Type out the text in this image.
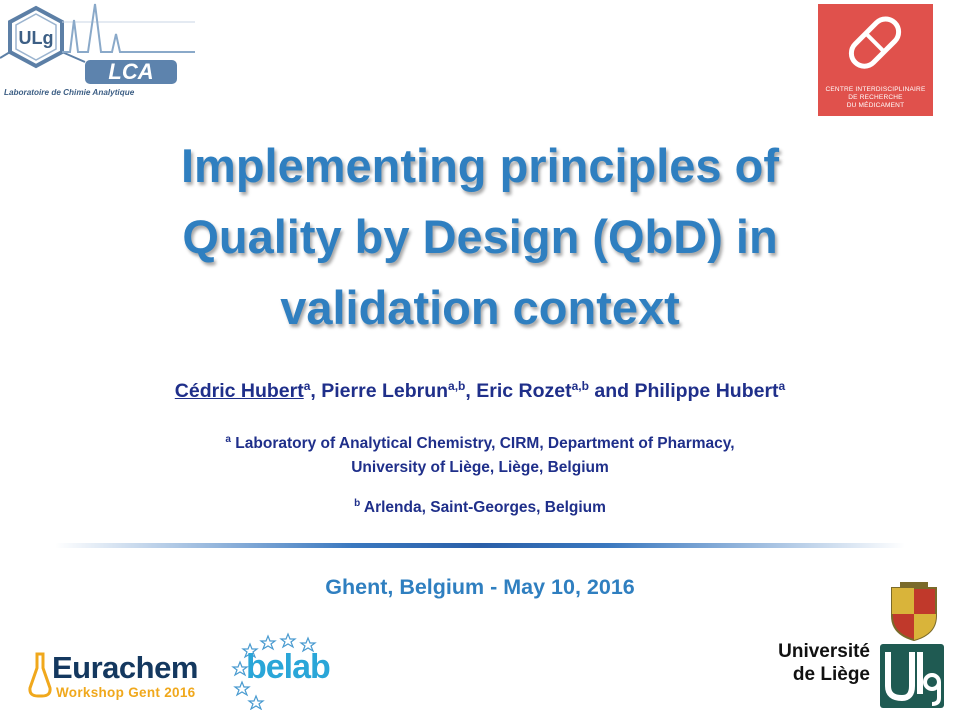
LCA
ULg
Laboratoire de Chimie Analytique	CENTRE INTERDISCIPLINAIRE
DE RECHERCHE
DU MÉDICAMENT
Implementing principles of
Quality by Design (QbD) in
validation context
Cédric Hubert$^a$, Pierre Lebrun$^{a,b}$, Eric Rozet$^{a,b}$ and Philippe Hubert$^a$
$^a$ Laboratory of Analytical Chemistry, CIRM, Department of Pharmacy,
University of Liège, Liège, Belgium
$^b$ Arlenda, Saint-Georges, Belgium
Ghent, Belgium - May 10, 2016
Eurachem
Workshop Gent 2016
belab	Université
de Liège
